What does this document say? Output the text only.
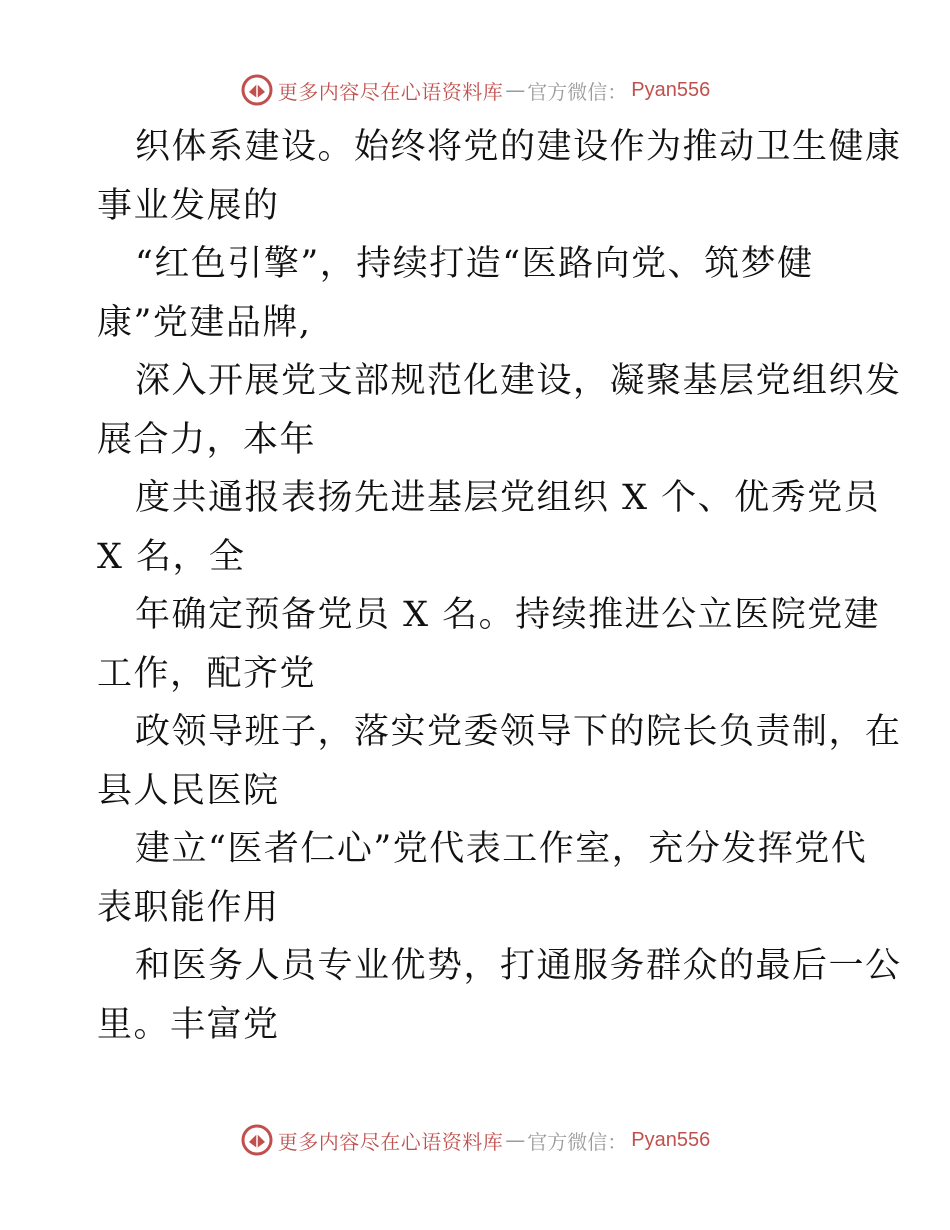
更多内容尽在心语资料库 — 官方微信 ： Pyan556
织体系建设。始终将党的建设作为推动卫生健康
事业发展的
“红色引擎”，持续打造“医路向党、筑梦健
康”党建品牌,
深入开展党支部规范化建设，凝聚基层党组织发
展合力，本年
度共通报表扬先进基层党组织 X 个、优秀党员
X 名，全
年确定预备党员 X 名。持续推进公立医院党建
工作，配齐党
政领导班子，落实党委领导下的院长负责制，在
县人民医院
建立“医者仁心”党代表工作室，充分发挥党代
表职能作用
和医务人员专业优势，打通服务群众的最后一公
里。丰富党
更多内容尽在心语资料库 — 官方微信 ： Pyan556
